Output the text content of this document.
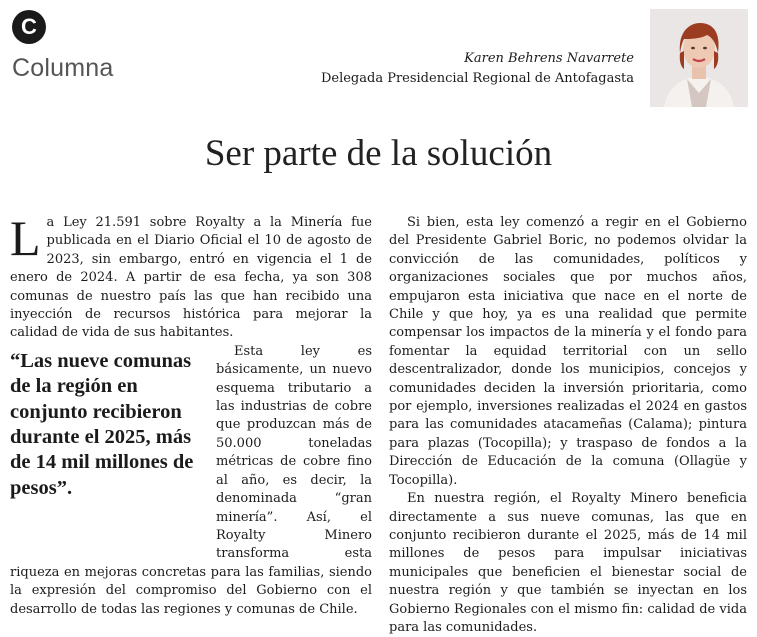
C
Columna	Karen Behrens Navarrete
Delegada Presidencial Regional de Antofagasta
Ser parte de la solución

La Ley 21.591 sobre Royalty a la Minería fue publicada en el Diario Oficial el 10 de agosto de 2023, sin embargo, entró en vigencia el 1 de enero de 2024. A partir de esa fecha, ya son 308 comunas de nuestro país las que han recibido una inyección de recursos histórica para mejorar la calidad de vida de sus habitantes.

“Las nueve comunas de la región en conjunto recibieron durante el 2025, más de 14 mil millones de pesos”.

Esta ley es básicamente, un nuevo esquema tributario a las industrias de cobre que produzcan más de 50.000 toneladas métricas de cobre fino al año, es decir, la denominada “gran minería”. Así, el Royalty Minero transforma esta riqueza en mejoras concretas para las familias, siendo la expresión del compromiso del Gobierno con el desarrollo de todas las regiones y comunas de Chile.

Si bien, esta ley comenzó a regir en el Gobierno del Presidente Gabriel Boric, no podemos olvidar la convicción de las comunidades, políticos y organizaciones sociales que por muchos años, empujaron esta iniciativa que nace en el norte de Chile y que hoy, ya es una realidad que permite compensar los impactos de la minería y el fondo para fomentar la equidad territorial con un sello descentralizador, donde los municipios, concejos y comunidades deciden la inversión prioritaria, como por ejemplo, inversiones realizadas el 2024 en gastos para las comunidades atacameñas (Calama); pintura para plazas (Tocopilla); y traspaso de fondos a la Dirección de Educación de la comuna (Ollagüe y Tocopilla).

En nuestra región, el Royalty Minero beneficia directamente a sus nueve comunas, las que en conjunto recibieron durante el 2025, más de 14 mil millones de pesos para impulsar iniciativas municipales que beneficien el bienestar social de nuestra región y que también se inyectan en los Gobierno Regionales con el mismo fin: calidad de vida para las comunidades.
